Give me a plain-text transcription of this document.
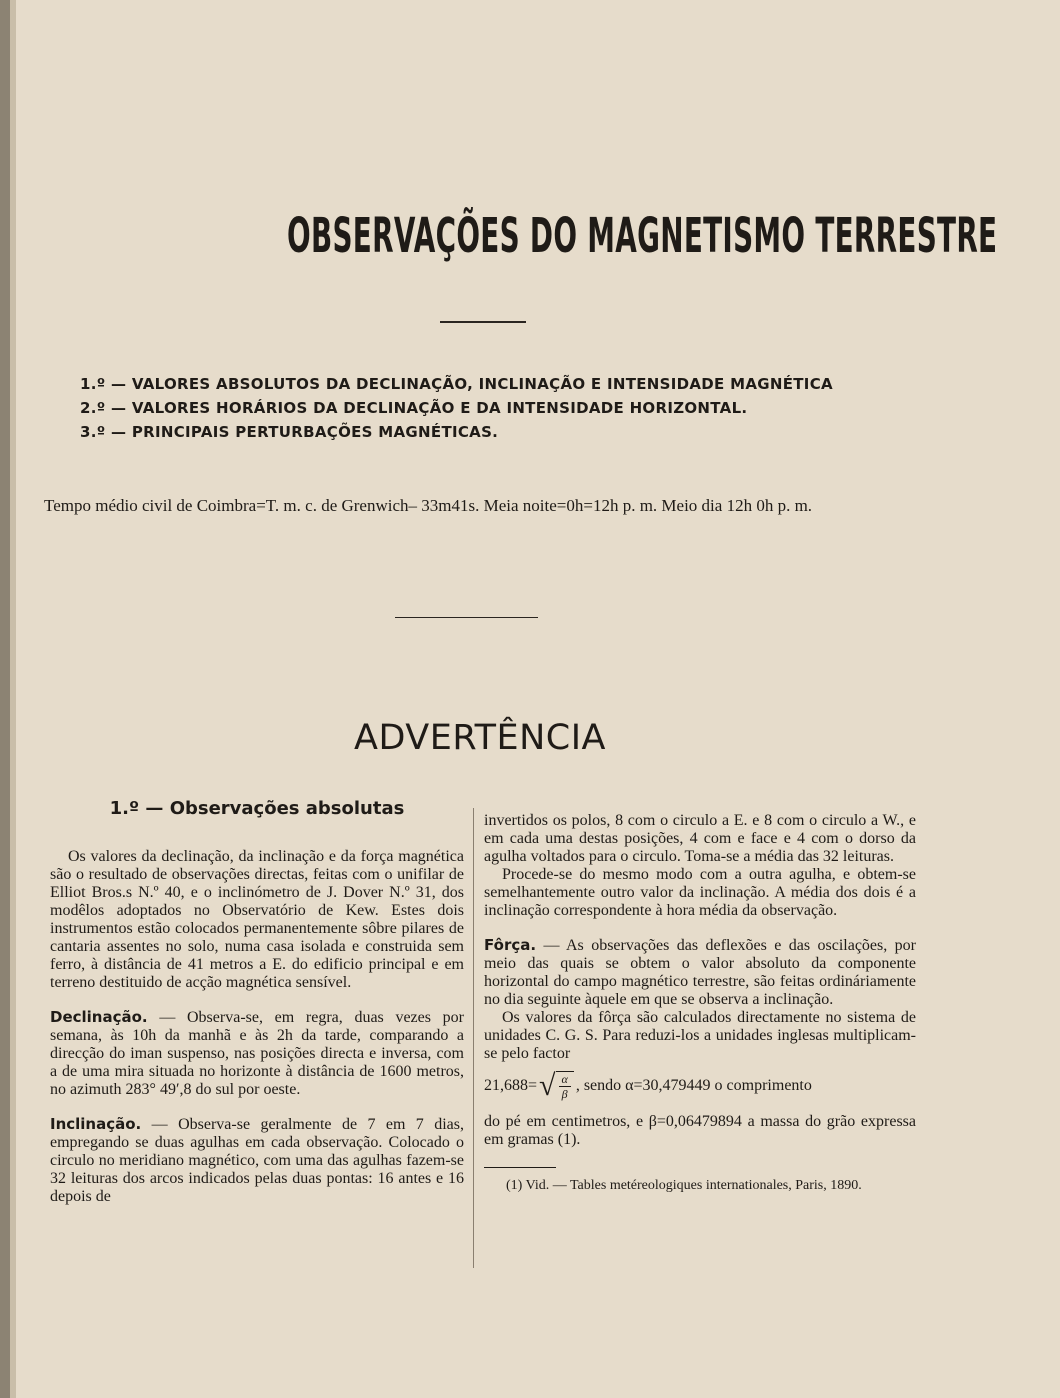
OBSERVAÇÕES DO MAGNETISMO TERRESTRE
1.º — VALORES ABSOLUTOS DA DECLINAÇÃO, INCLINAÇÃO E INTENSIDADE MAGNÉTICA
2.º — VALORES HORÁRIOS DA DECLINAÇÃO E DA INTENSIDADE HORIZONTAL.
3.º — PRINCIPAIS PERTURBAÇÕES MAGNÉTICAS.
Tempo médio civil de Coimbra=T. m. c. de Grenwich– 33m41s. Meia noite=0h=12h p. m. Meio dia 12h 0h p. m.
ADVERTÊNCIA
1.º — Observações absolutas

Os valores da declinação, da inclinação e da força magnética são o resultado de observações directas, feitas com o unifilar de Elliot Bros.s N.º 40, e o inclinómetro de J. Dover N.º 31, dos modêlos adoptados no Observatório de Kew. Estes dois instrumentos estão colocados permanentemente sôbre pilares de cantaria assentes no solo, numa casa isolada e construida sem ferro, à distância de 41 metros a E. do edificio principal e em terreno destituido de acção magnética sensível.

Declinação. — Observa-se, em regra, duas vezes por semana, às 10h da manhã e às 2h da tarde, comparando a direcção do iman suspenso, nas posições directa e inversa, com a de uma mira situada no horizonte à distância de 1600 metros, no azimuth 283° 49′,8 do sul por oeste.

Inclinação. — Observa-se geralmente de 7 em 7 dias, empregando se duas agulhas em cada observação. Colocado o circulo no meridiano magnético, com uma das agulhas fazem-se 32 leituras dos arcos indicados pelas duas pontas: 16 antes e 16 depois de

invertidos os polos, 8 com o circulo a E. e 8 com o circulo a W., e em cada uma destas posições, 4 com e face e 4 com o dorso da agulha voltados para o circulo. Toma-se a média das 32 leituras.

Procede-se do mesmo modo com a outra agulha, e obtem-se semelhantemente outro valor da inclinação. A média dos dois é a inclinação correspondente à hora média da observação.

Fôrça. — As observações das deflexões e das oscilações, por meio das quais se obtem o valor absoluto da componente horizontal do campo magnético terrestre, são feitas ordináriamente no dia seguinte àquele em que se observa a inclinação.

Os valores da fôrça são calculados directamente no sistema de unidades C. G. S. Para reduzi-los a unidades inglesas multiplicam-se pelo factor

21,688= √ $\frac{\alpha}{\beta}$ , sendo α=30,479449 o comprimento

do pé em centimetros, e β=0,06479894 a massa do grão expressa em gramas (1).

(1) Vid. — Tables metéreologiques internationales, Paris, 1890.
